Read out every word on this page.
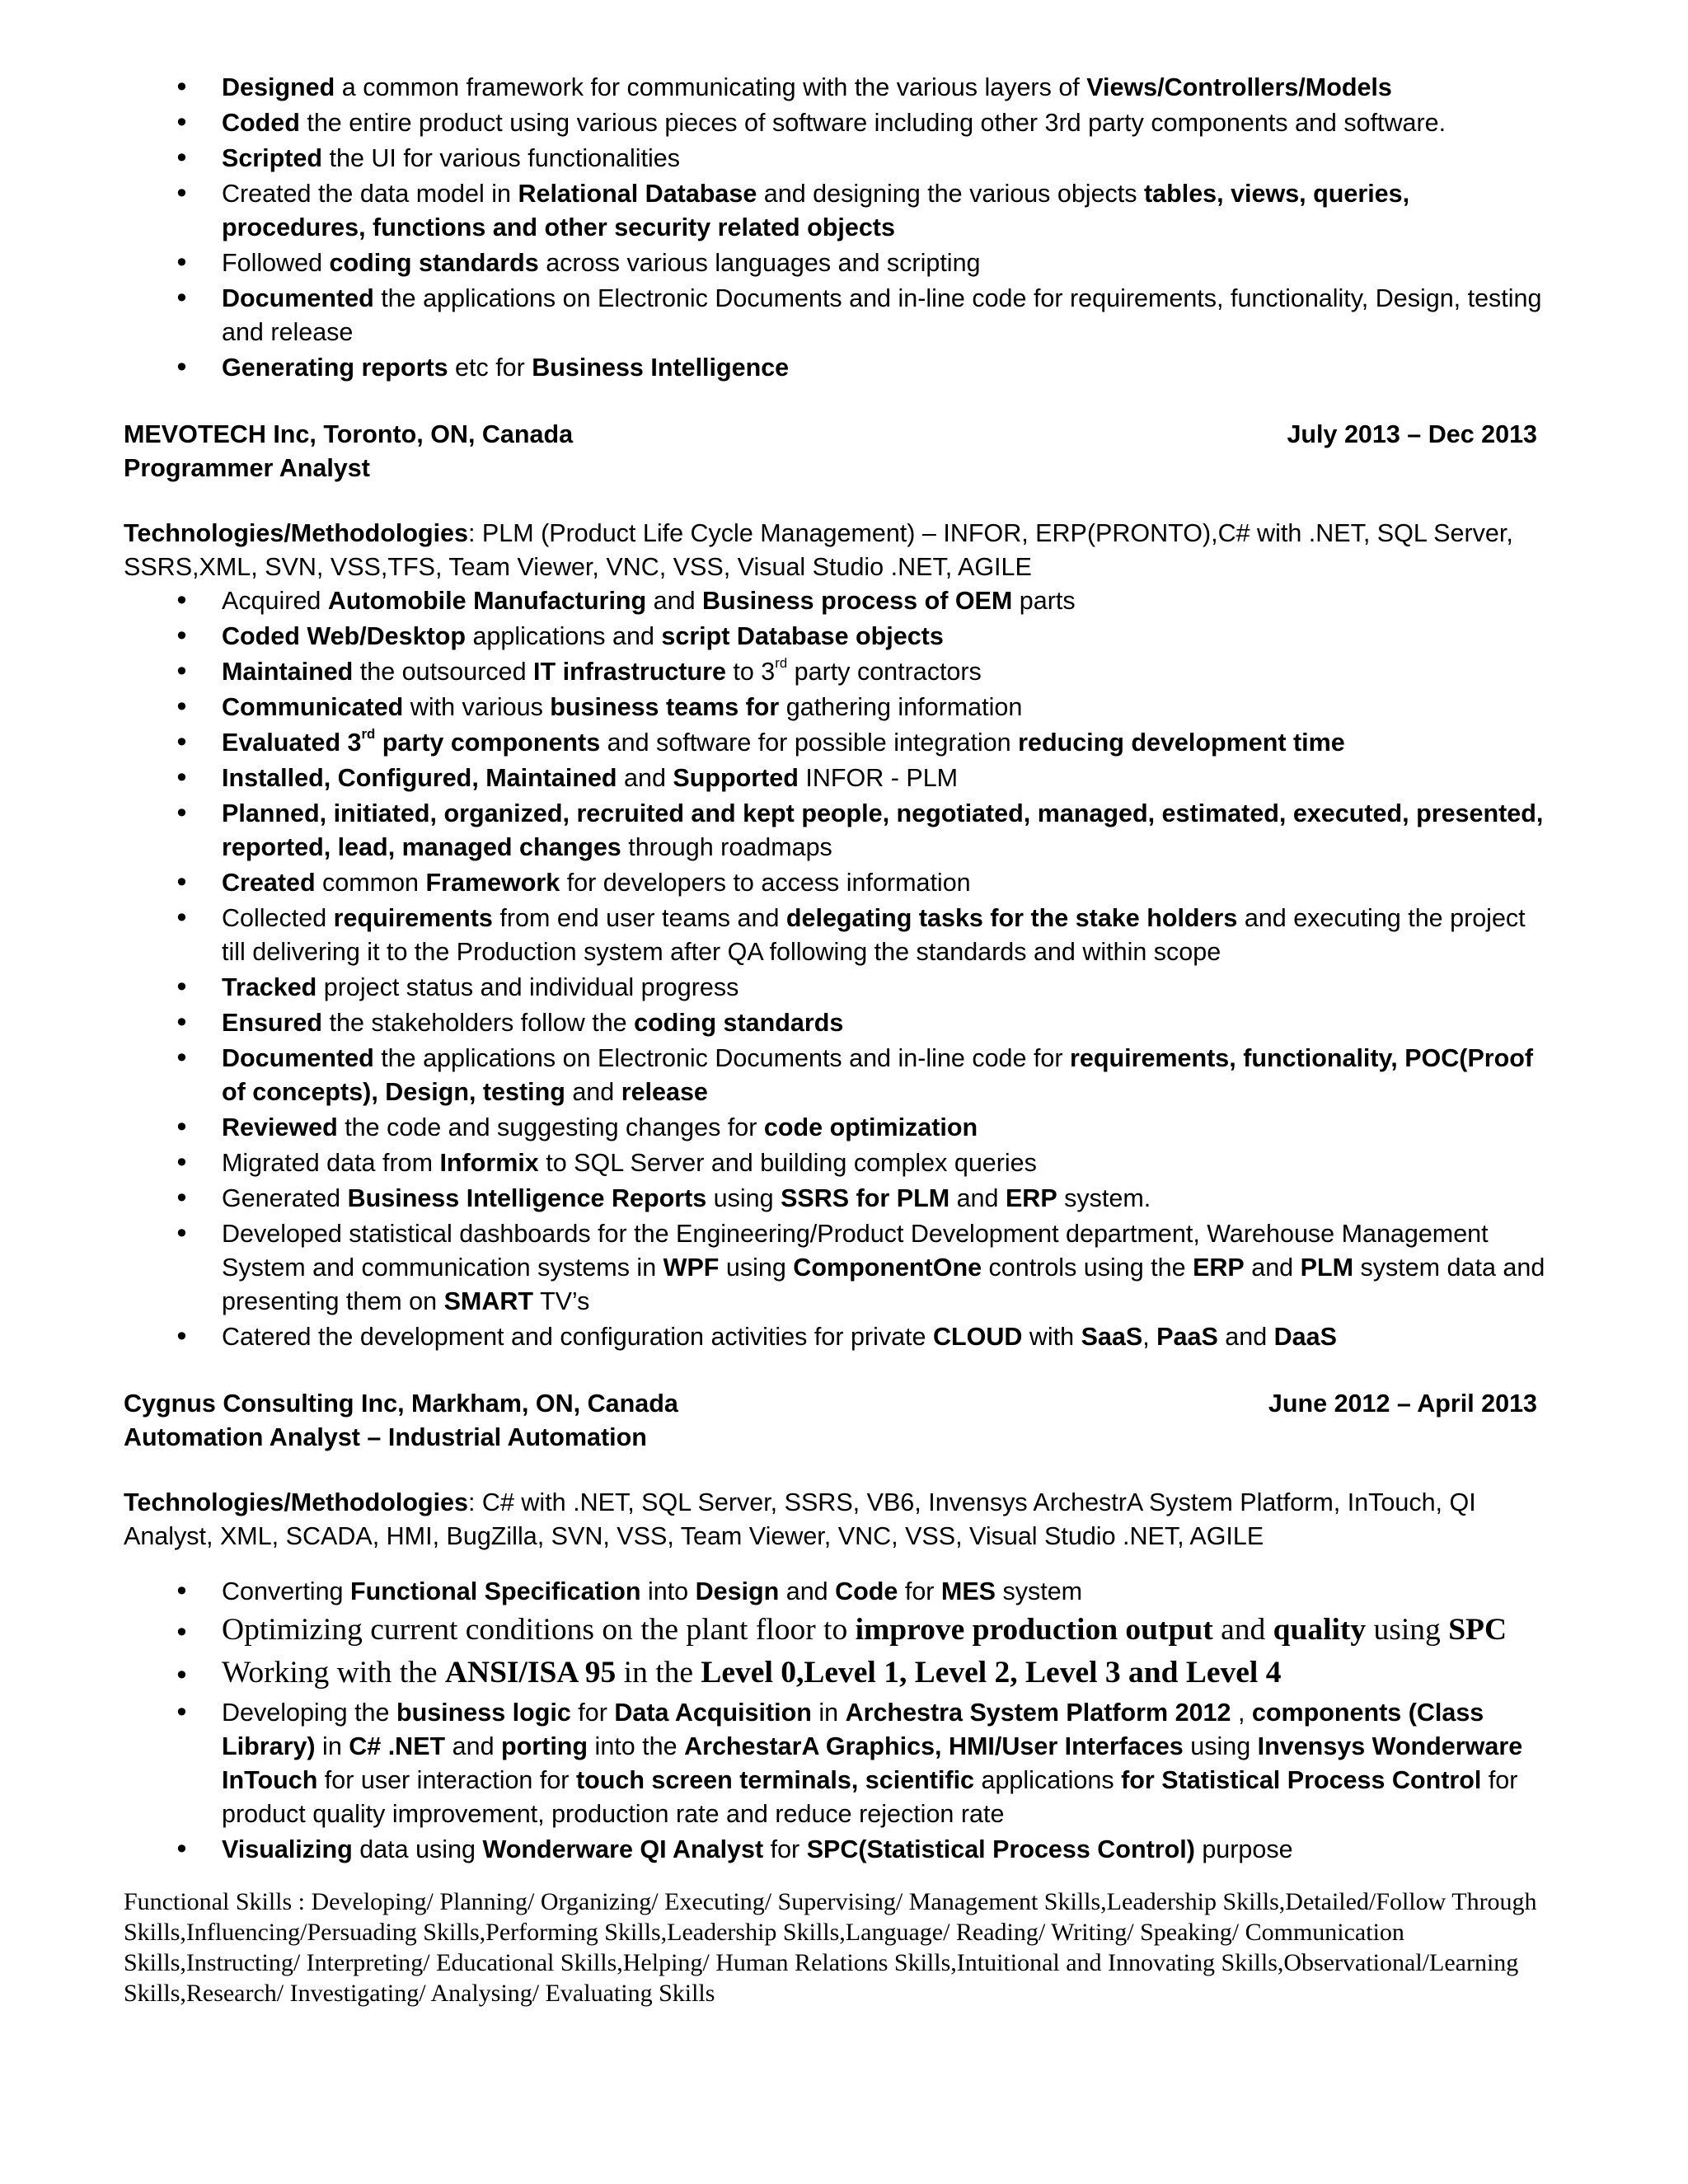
• Designed a common framework for communicating with the various layers of Views/Controllers/Models
• Coded the entire product using various pieces of software including other 3rd party components and software.
• Scripted the UI for various functionalities
• Created the data model in Relational Database and designing the various objects tables, views, queries, procedures, functions and other security related objects
• Followed coding standards across various languages and scripting
• Documented the applications on Electronic Documents and in-line code for requirements, functionality, Design, testing and release
• Generating reports etc for Business Intelligence
MEVOTECH Inc, Toronto, ON, Canada	July 2013 – Dec 2013
Programmer Analyst
Technologies/Methodologies: PLM (Product Life Cycle Management) – INFOR, ERP(PRONTO),C# with .NET, SQL Server, SSRS,XML, SVN, VSS,TFS, Team Viewer, VNC, VSS, Visual Studio .NET, AGILE
• Acquired Automobile Manufacturing and Business process of OEM parts
• Coded Web/Desktop applications and script Database objects
• Maintained the outsourced IT infrastructure to 3rd party contractors
• Communicated with various business teams for gathering information
• Evaluated 3rd party components and software for possible integration reducing development time
• Installed, Configured, Maintained and Supported INFOR - PLM
• Planned, initiated, organized, recruited and kept people, negotiated, managed, estimated, executed, presented, reported, lead, managed changes through roadmaps
• Created common Framework for developers to access information
• Collected requirements from end user teams and delegating tasks for the stake holders and executing the project till delivering it to the Production system after QA following the standards and within scope
• Tracked project status and individual progress
• Ensured the stakeholders follow the coding standards
• Documented the applications on Electronic Documents and in-line code for requirements, functionality, POC(Proof of concepts), Design, testing and release
• Reviewed the code and suggesting changes for code optimization
• Migrated data from Informix to SQL Server and building complex queries
• Generated Business Intelligence Reports using SSRS for PLM and ERP system.
• Developed statistical dashboards for the Engineering/Product Development department, Warehouse Management System and communication systems in WPF using ComponentOne controls using the ERP and PLM system data and presenting them on SMART TV’s
• Catered the development and configuration activities for private CLOUD with SaaS, PaaS and DaaS
Cygnus Consulting Inc, Markham, ON, Canada	June 2012 – April 2013
Automation Analyst – Industrial Automation
Technologies/Methodologies: C# with .NET, SQL Server, SSRS, VB6, Invensys ArchestrA System Platform, InTouch, QI Analyst, XML, SCADA, HMI, BugZilla, SVN, VSS, Team Viewer, VNC, VSS, Visual Studio .NET, AGILE
• Converting Functional Specification into Design and Code for MES system
• Optimizing current conditions on the plant floor to improve production output and quality using SPC
• Working with the ANSI/ISA 95 in the Level 0,Level 1, Level 2, Level 3 and Level 4
• Developing the business logic for Data Acquisition in Archestra System Platform 2012 , components (Class Library) in C# .NET and porting into the ArchestarA Graphics, HMI/User Interfaces using Invensys Wonderware InTouch for user interaction for touch screen terminals, scientific applications for Statistical Process Control for product quality improvement, production rate and reduce rejection rate
• Visualizing data using Wonderware QI Analyst for SPC(Statistical Process Control) purpose
Functional Skills : Developing/ Planning/ Organizing/ Executing/ Supervising/ Management Skills,Leadership Skills,Detailed/Follow Through Skills,Influencing/Persuading Skills,Performing Skills,Leadership Skills,Language/ Reading/ Writing/ Speaking/ Communication Skills,Instructing/ Interpreting/ Educational Skills,Helping/ Human Relations Skills,Intuitional and Innovating Skills,Observational/Learning Skills,Research/ Investigating/ Analysing/ Evaluating Skills
